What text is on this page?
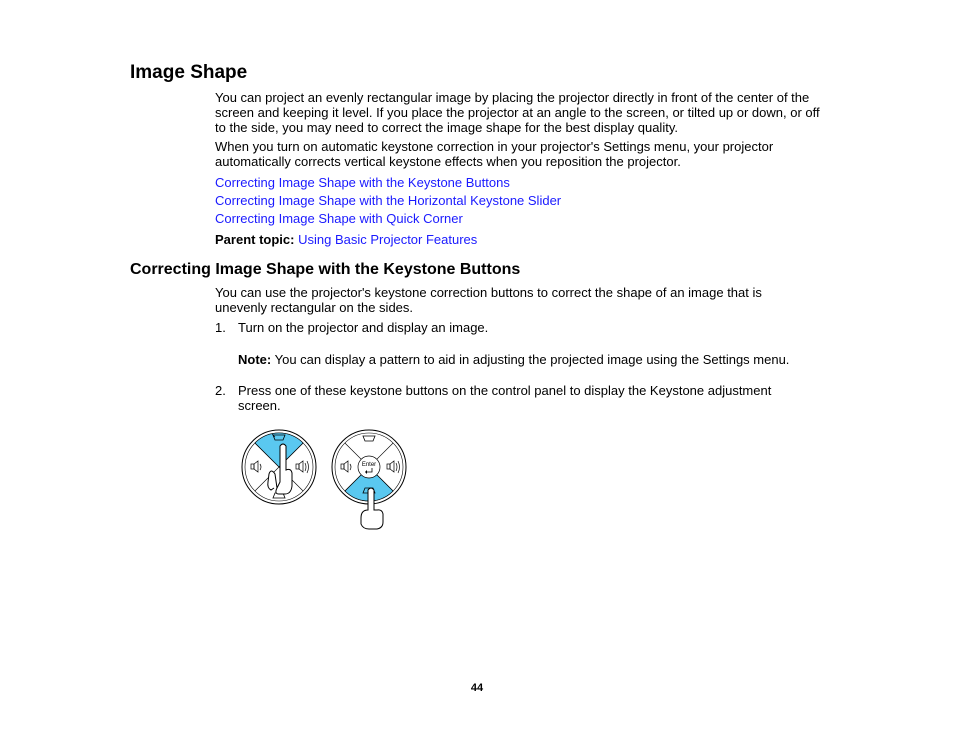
Image Shape

You can project an evenly rectangular image by placing the projector directly in front of the center of the screen and keeping it level. If you place the projector at an angle to the screen, or tilted up or down, or off to the side, you may need to correct the image shape for the best display quality.

When you turn on automatic keystone correction in your projector's Settings menu, your projector automatically corrects vertical keystone effects when you reposition the projector.

Correcting Image Shape with the Keystone Buttons
Correcting Image Shape with the Horizontal Keystone Slider
Correcting Image Shape with Quick Corner
Parent topic: Using Basic Projector Features
Correcting Image Shape with the Keystone Buttons

You can use the projector's keystone correction buttons to correct the shape of an image that is unevenly rectangular on the sides.

1. Turn on the projector and display an image.
Note: You can display a pattern to aid in adjusting the projected image using the Settings menu.
2. Press one of these keystone buttons on the control panel to display the Keystone adjustment screen.
Enter
44
